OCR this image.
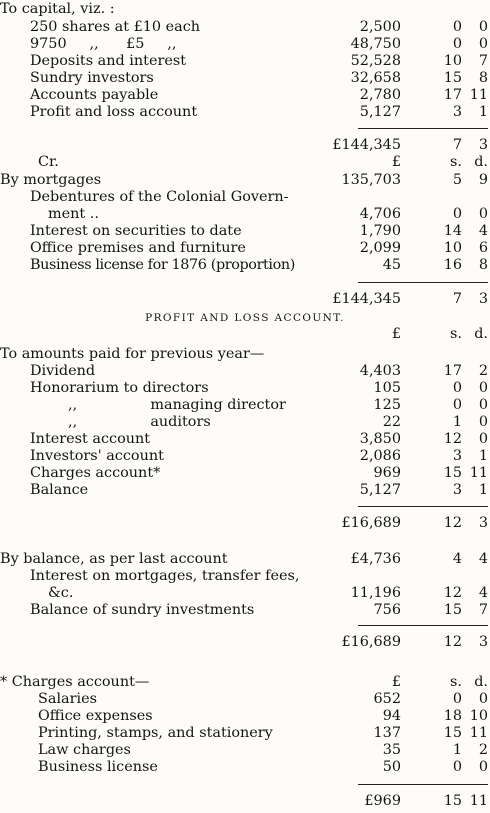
To capital, viz. :
250 shares at £10 each	2,500	0	0
9750     ,,      £5     ,,	48,750	0	0
Deposits and interest	52,528	10	7
Sundry investors	32,658	15	8
Accounts payable	2,780	17 11
Profit and loss account	5,127	3	1
£144,345	7	3
Cr.	£	s. d.
By mortgages	135,703	5	9
Debentures of the Colonial Govern-
ment ..	4,706	0	0
Interest on securities to date	1,790	14	4
Office premises and furniture	2,099	10	6
Business license for 1876 (proportion)	45	16	8
£144,345	7	3
PROFIT AND LOSS ACCOUNT.
£	s. d.
To amounts paid for previous year—
Dividend	4,403	17	2
Honorarium to directors	105	0	0
,,                managing director	125	0	0
,,                auditors	22	1	0
Interest account	3,850	12	0
Investors' account	2,086	3	1
Charges account*	969	15 11
Balance	5,127	3	1
£16,689	12	3
By balance, as per last account	£4,736	4	4
Interest on mortgages, transfer fees,
&c.	11,196	12	4
Balance of sundry investments	756	15	7
£16,689	12	3
* Charges account—	£	s. d.
Salaries	652	0	0
Office expenses	94	18 10
Printing, stamps, and stationery	137	15 11
Law charges	35	1	2
Business license	50	0	0
£969	15 11
